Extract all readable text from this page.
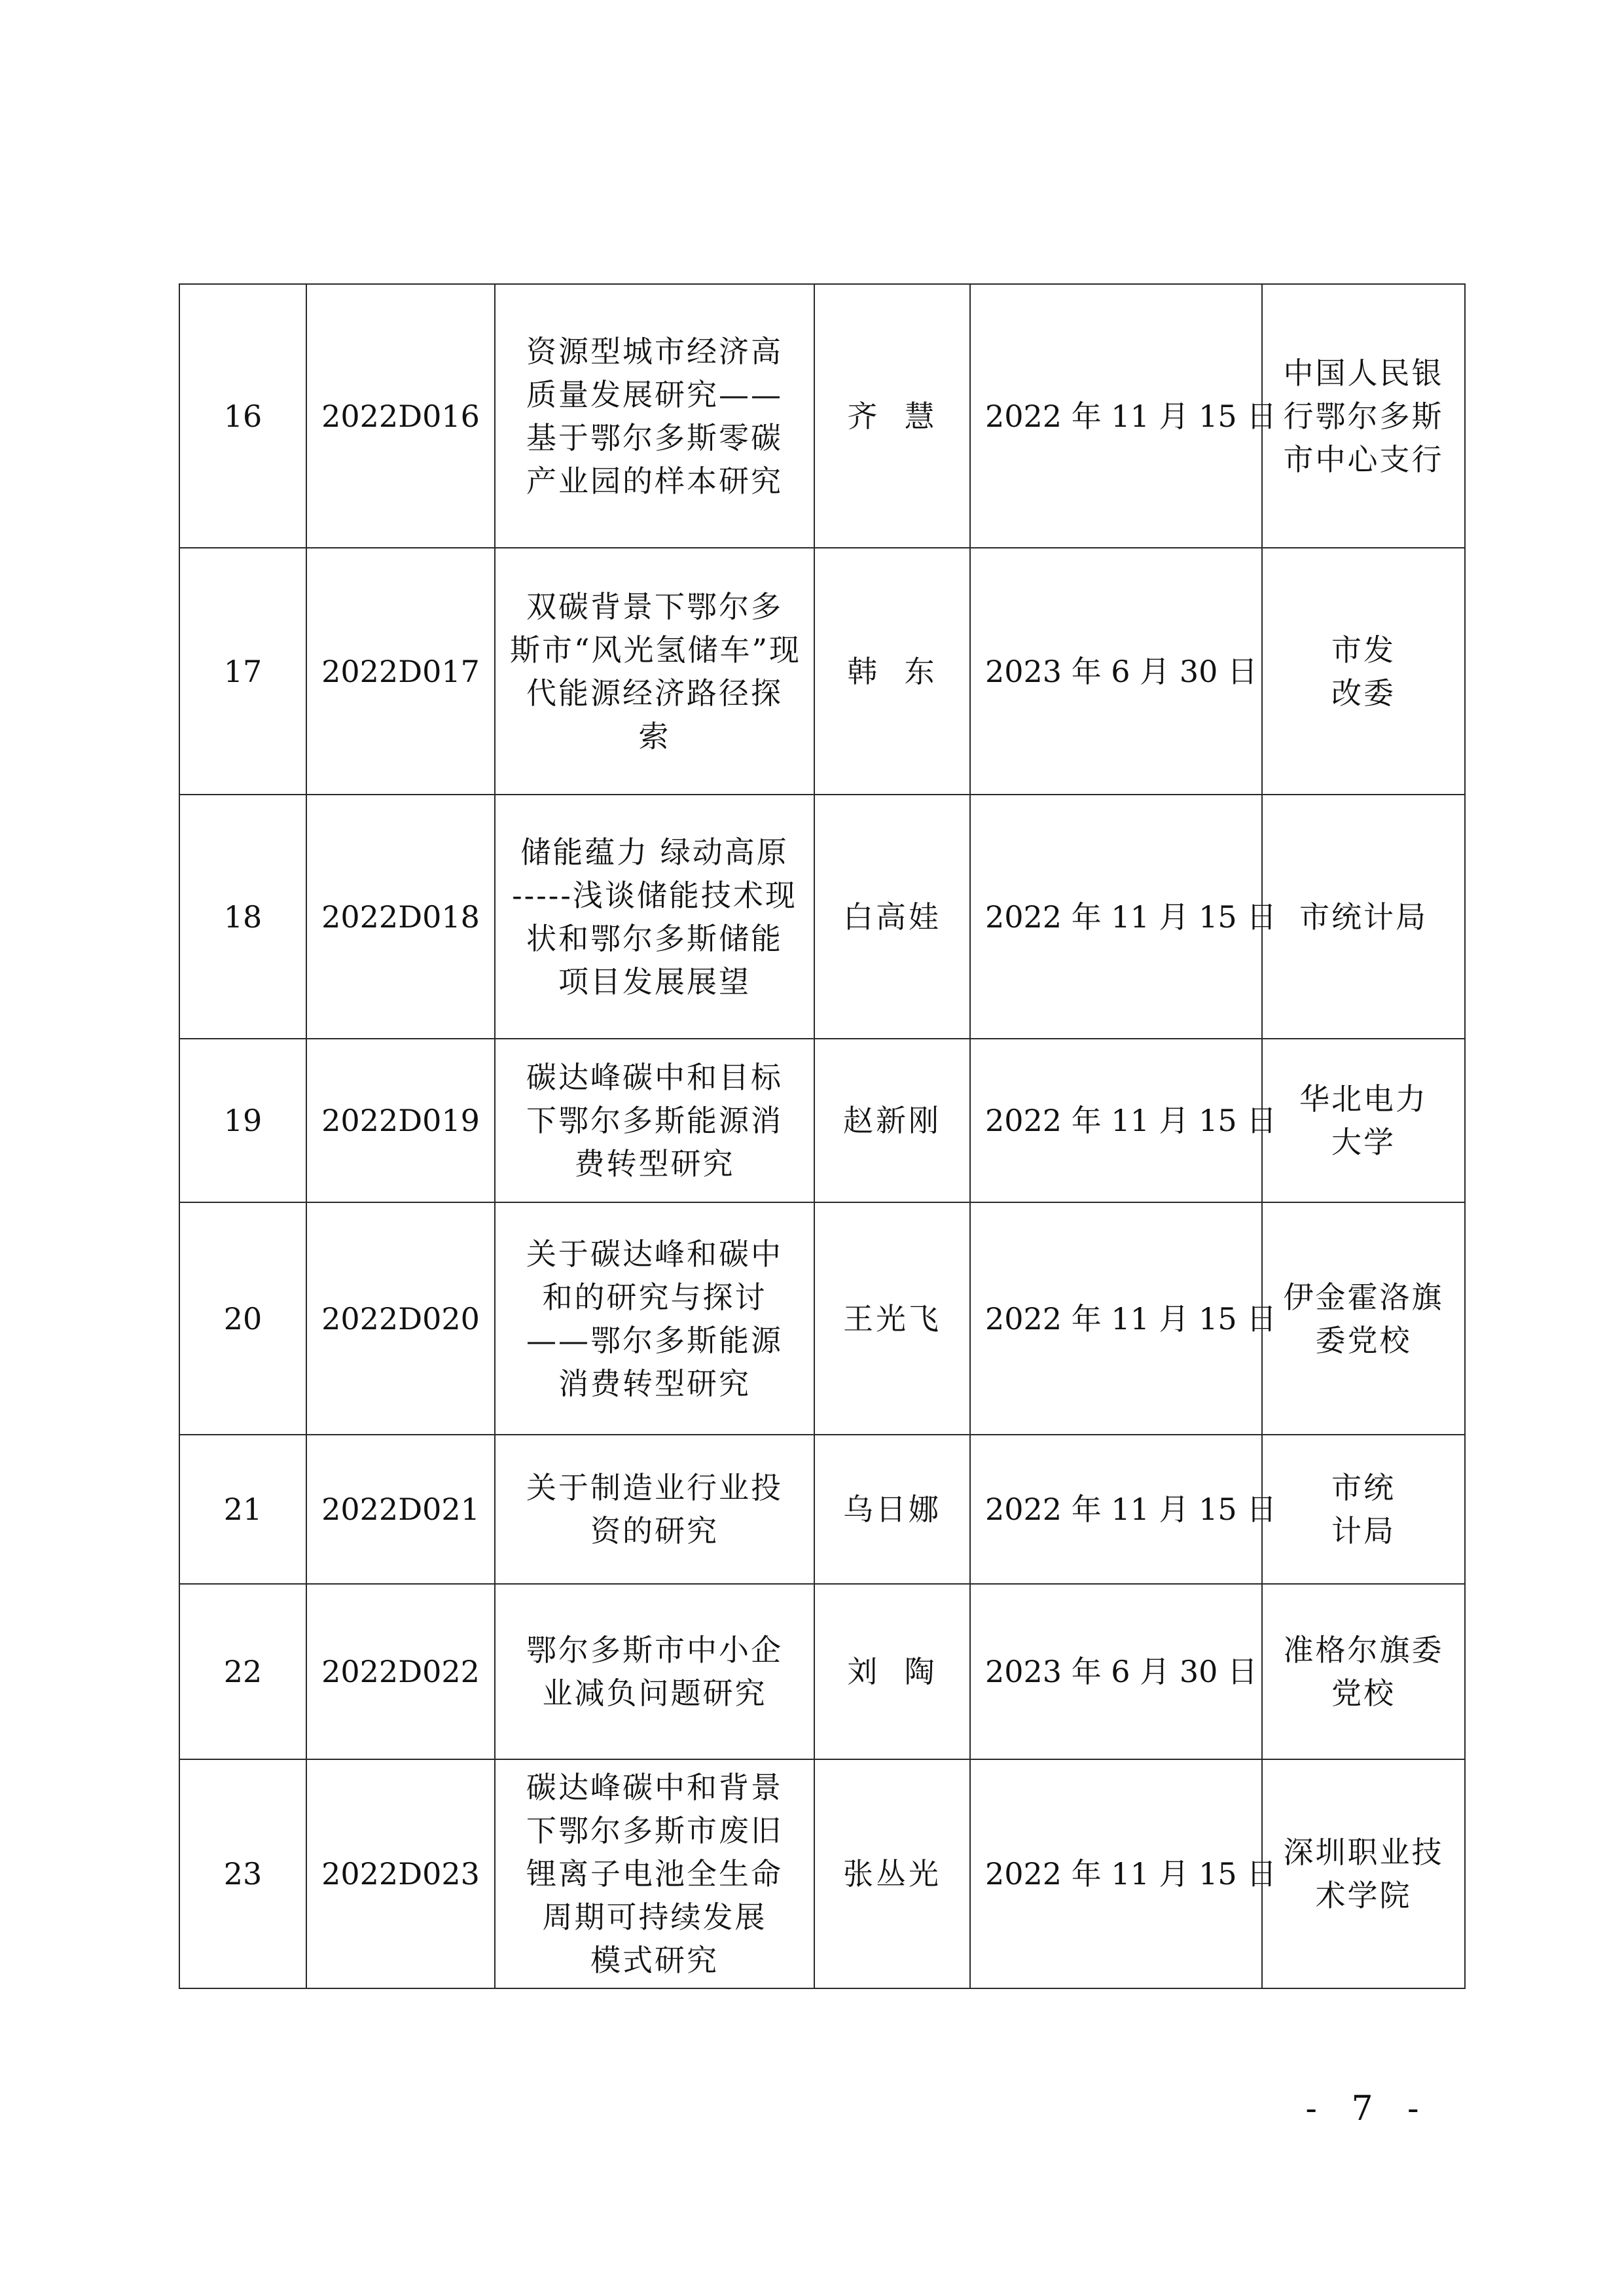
16	2022D016	资源型城市经济高
质量发展研究——
基于鄂尔多斯零碳
产业园的样本研究	齐  慧	2022 年 11 月 15 日	中国人民银
行鄂尔多斯
市中心支行

17	2022D017	双碳背景下鄂尔多
斯市“风光氢储车”现
代能源经济路径探
索	韩  东	2023 年 6 月 30 日	市发
改委

18	2022D018	储能蕴力 绿动高原
-----浅谈储能技术现
状和鄂尔多斯储能
项目发展展望	白高娃	2022 年 11 月 15 日	市统计局

19	2022D019	碳达峰碳中和目标
下鄂尔多斯能源消
费转型研究	赵新刚	2022 年 11 月 15 日	华北电力
大学

20	2022D020	关于碳达峰和碳中
和的研究与探讨
——鄂尔多斯能源
消费转型研究	王光飞	2022 年 11 月 15 日	伊金霍洛旗
委党校

21	2022D021	关于制造业行业投
资的研究	乌日娜	2022 年 11 月 15 日	市统
计局

22	2022D022	鄂尔多斯市中小企
业减负问题研究	刘  陶	2023 年 6 月 30 日	准格尔旗委
党校

23	2022D023	碳达峰碳中和背景
下鄂尔多斯市废旧
锂离子电池全生命
周期可持续发展
模式研究	张丛光	2022 年 11 月 15 日	深圳职业技
术学院
- 7 -
